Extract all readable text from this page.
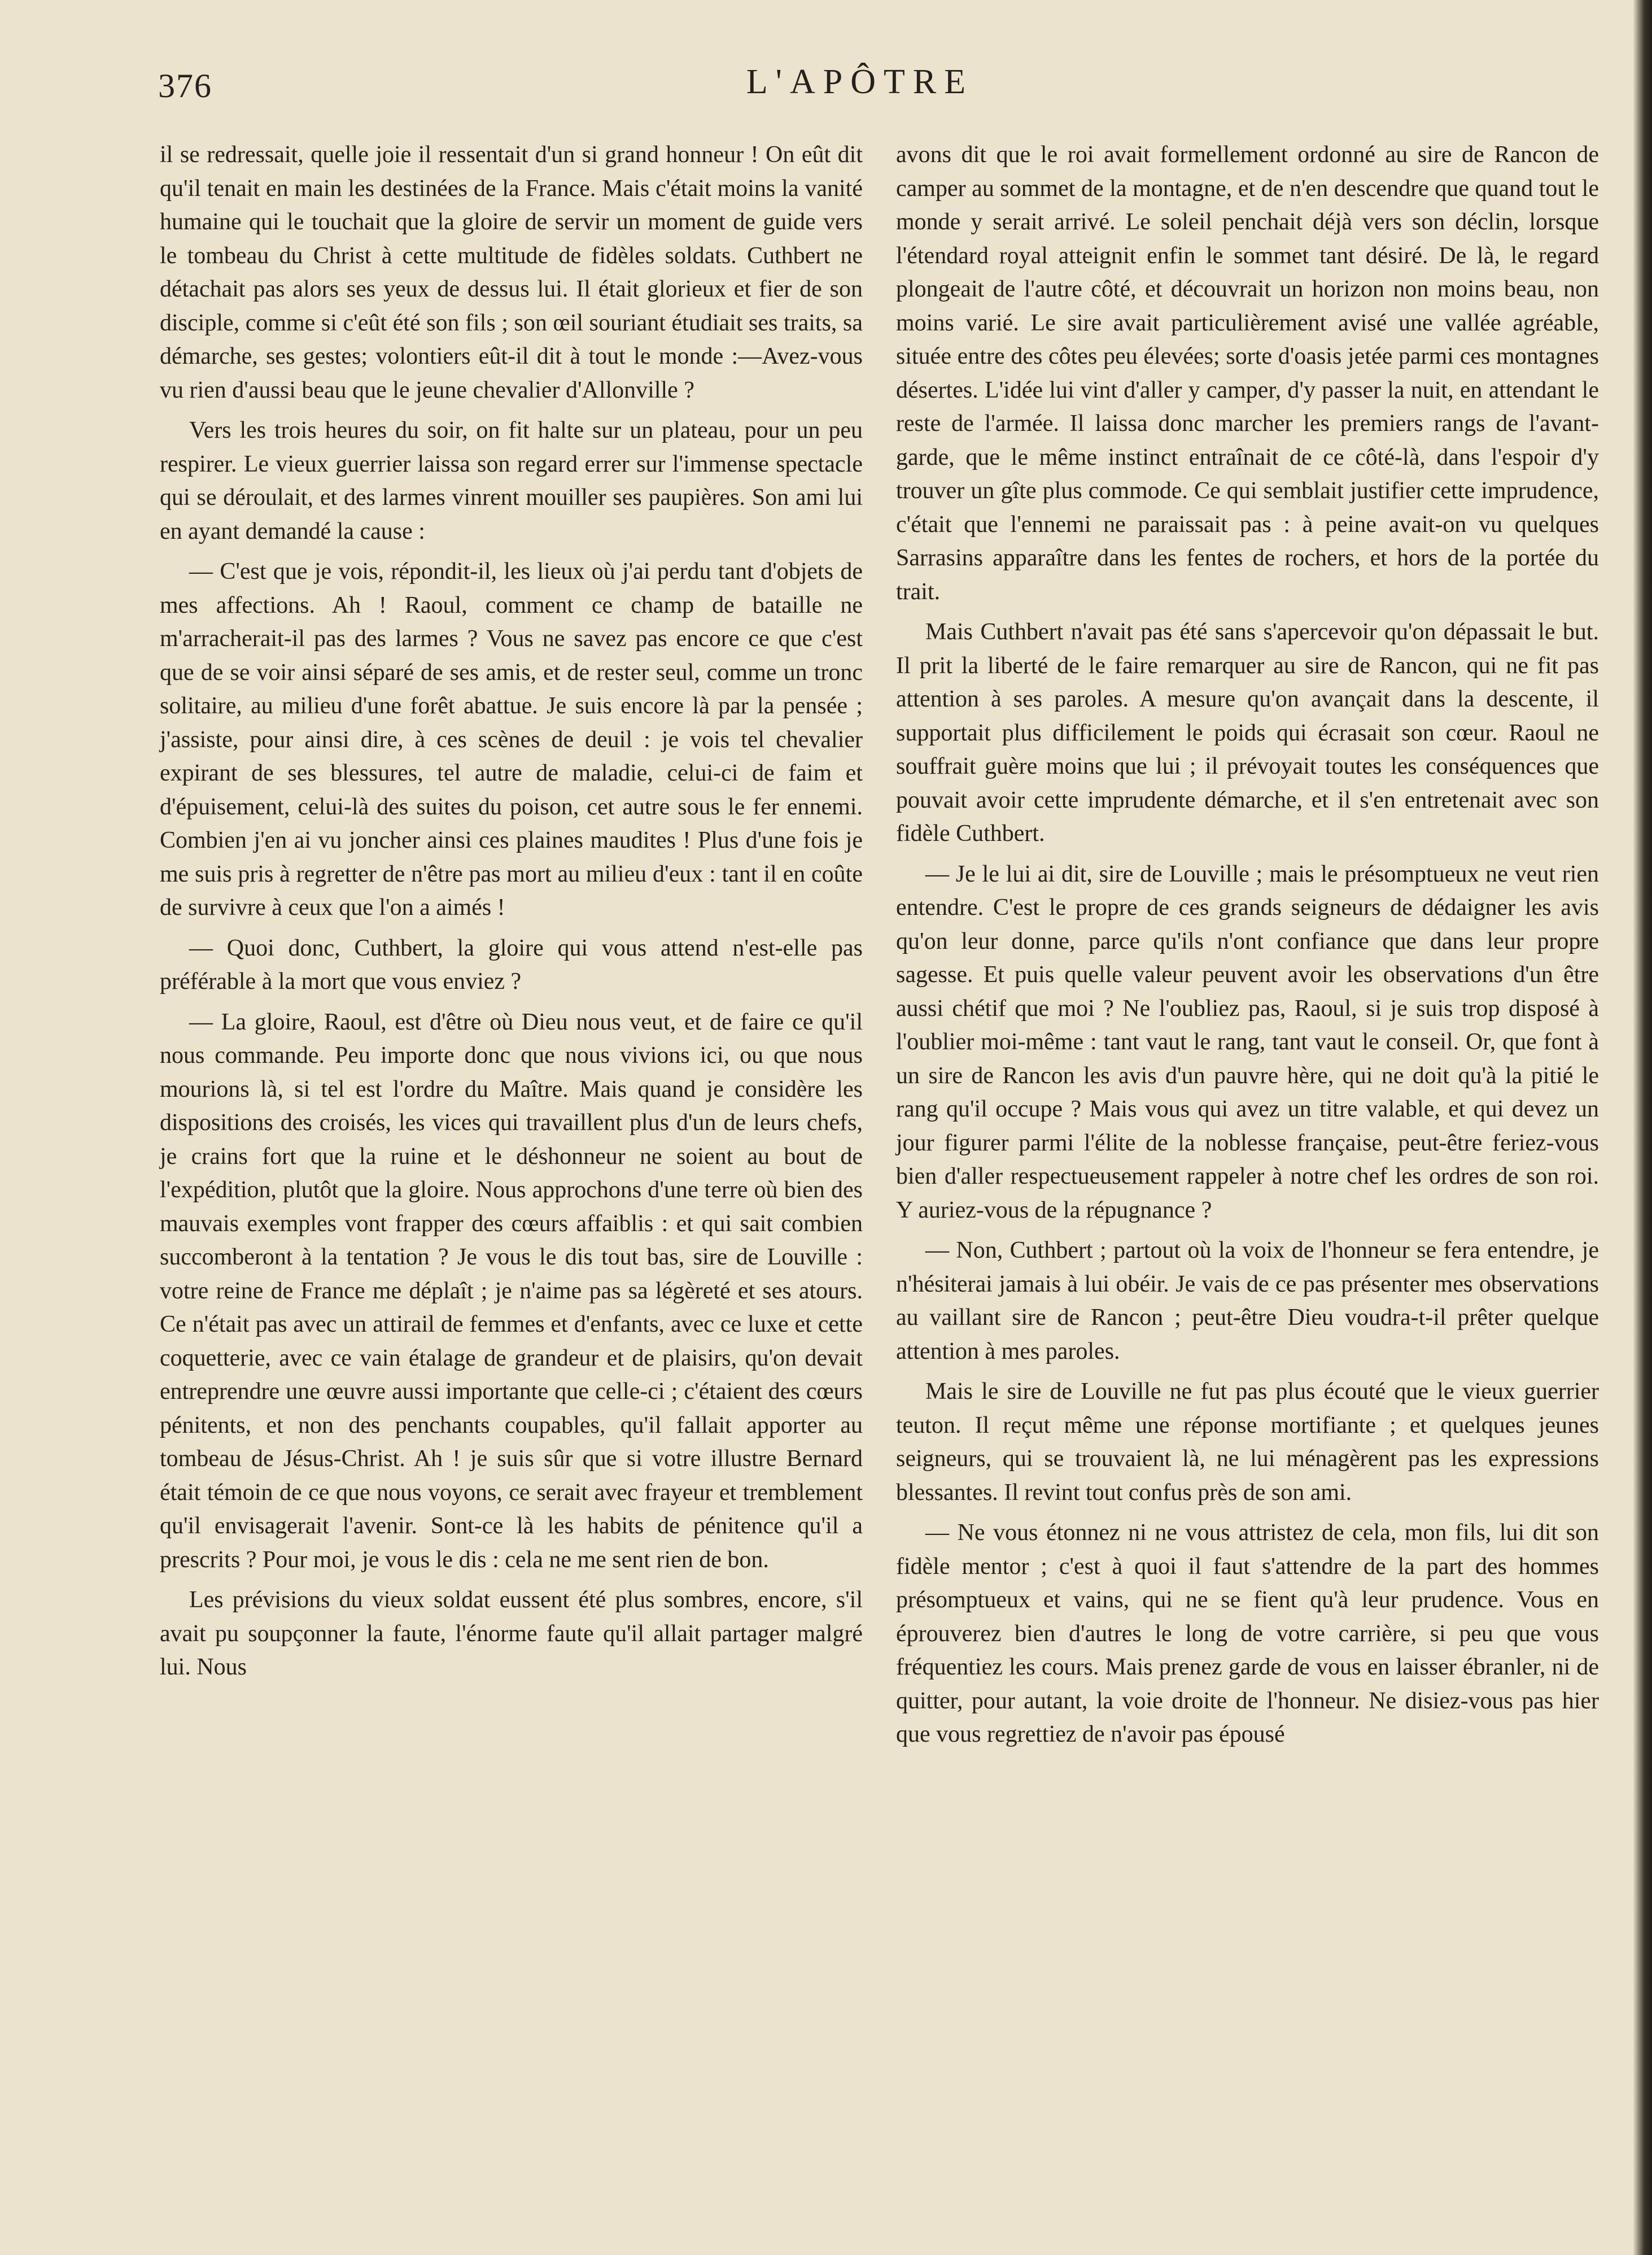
376	L'APÔTRE

il se redressait, quelle joie il ressentait d'un si grand honneur ! On eût dit qu'il tenait en main les destinées de la France. Mais c'était moins la vanité humaine qui le touchait que la gloire de servir un moment de guide vers le tombeau du Christ à cette multitude de fidèles soldats. Cuthbert ne détachait pas alors ses yeux de dessus lui. Il était glorieux et fier de son disciple, comme si c'eût été son fils ; son œil souriant étudiait ses traits, sa démarche, ses gestes; volontiers eût-il dit à tout le monde :—Avez-vous vu rien d'aussi beau que le jeune chevalier d'Allonville ?

Vers les trois heures du soir, on fit halte sur un plateau, pour un peu respirer. Le vieux guerrier laissa son regard errer sur l'immense spectacle qui se déroulait, et des larmes vinrent mouiller ses paupières. Son ami lui en ayant demandé la cause :

— C'est que je vois, répondit-il, les lieux où j'ai perdu tant d'objets de mes affections. Ah ! Raoul, comment ce champ de bataille ne m'arracherait-il pas des larmes ? Vous ne savez pas encore ce que c'est que de se voir ainsi séparé de ses amis, et de rester seul, comme un tronc solitaire, au milieu d'une forêt abattue. Je suis encore là par la pensée ; j'assiste, pour ainsi dire, à ces scènes de deuil : je vois tel chevalier expirant de ses blessures, tel autre de maladie, celui-ci de faim et d'épuisement, celui-là des suites du poison, cet autre sous le fer ennemi. Combien j'en ai vu joncher ainsi ces plaines maudites ! Plus d'une fois je me suis pris à regretter de n'être pas mort au milieu d'eux : tant il en coûte de survivre à ceux que l'on a aimés !

— Quoi donc, Cuthbert, la gloire qui vous attend n'est-elle pas préférable à la mort que vous enviez ?

— La gloire, Raoul, est d'être où Dieu nous veut, et de faire ce qu'il nous commande. Peu importe donc que nous vivions ici, ou que nous mourions là, si tel est l'ordre du Maître. Mais quand je considère les dispositions des croisés, les vices qui travaillent plus d'un de leurs chefs, je crains fort que la ruine et le déshonneur ne soient au bout de l'expédition, plutôt que la gloire. Nous approchons d'une terre où bien des mauvais exemples vont frapper des cœurs affaiblis : et qui sait combien succomberont à la tentation ? Je vous le dis tout bas, sire de Louville : votre reine de France me déplaît ; je n'aime pas sa légèreté et ses atours. Ce n'était pas avec un attirail de femmes et d'enfants, avec ce luxe et cette coquetterie, avec ce vain étalage de grandeur et de plaisirs, qu'on devait entreprendre une œuvre aussi importante que celle-ci ; c'étaient des cœurs pénitents, et non des penchants coupables, qu'il fallait apporter au tombeau de Jésus-Christ. Ah ! je suis sûr que si votre illustre Bernard était témoin de ce que nous voyons, ce serait avec frayeur et tremblement qu'il envisagerait l'avenir. Sont-ce là les habits de pénitence qu'il a prescrits ? Pour moi, je vous le dis : cela ne me sent rien de bon.

Les prévisions du vieux soldat eussent été plus sombres, encore, s'il avait pu soupçonner la faute, l'énorme faute qu'il allait partager malgré lui. Nous

avons dit que le roi avait formellement ordonné au sire de Rancon de camper au sommet de la montagne, et de n'en descendre que quand tout le monde y serait arrivé. Le soleil penchait déjà vers son déclin, lorsque l'étendard royal atteignit enfin le sommet tant désiré. De là, le regard plongeait de l'autre côté, et découvrait un horizon non moins beau, non moins varié. Le sire avait particulièrement avisé une vallée agréable, située entre des côtes peu élevées; sorte d'oasis jetée parmi ces montagnes désertes. L'idée lui vint d'aller y camper, d'y passer la nuit, en attendant le reste de l'armée. Il laissa donc marcher les premiers rangs de l'avant-garde, que le même instinct entraînait de ce côté-là, dans l'espoir d'y trouver un gîte plus commode. Ce qui semblait justifier cette imprudence, c'était que l'ennemi ne paraissait pas : à peine avait-on vu quelques Sarrasins apparaître dans les fentes de rochers, et hors de la portée du trait.

Mais Cuthbert n'avait pas été sans s'apercevoir qu'on dépassait le but. Il prit la liberté de le faire remarquer au sire de Rancon, qui ne fit pas attention à ses paroles. A mesure qu'on avançait dans la descente, il supportait plus difficilement le poids qui écrasait son cœur. Raoul ne souffrait guère moins que lui ; il prévoyait toutes les conséquences que pouvait avoir cette imprudente démarche, et il s'en entretenait avec son fidèle Cuthbert.

— Je le lui ai dit, sire de Louville ; mais le présomptueux ne veut rien entendre. C'est le propre de ces grands seigneurs de dédaigner les avis qu'on leur donne, parce qu'ils n'ont confiance que dans leur propre sagesse. Et puis quelle valeur peuvent avoir les observations d'un être aussi chétif que moi ? Ne l'oubliez pas, Raoul, si je suis trop disposé à l'oublier moi-même : tant vaut le rang, tant vaut le conseil. Or, que font à un sire de Rancon les avis d'un pauvre hère, qui ne doit qu'à la pitié le rang qu'il occupe ? Mais vous qui avez un titre valable, et qui devez un jour figurer parmi l'élite de la noblesse française, peut-être feriez-vous bien d'aller respectueusement rappeler à notre chef les ordres de son roi. Y auriez-vous de la répugnance ?

— Non, Cuthbert ; partout où la voix de l'honneur se fera entendre, je n'hésiterai jamais à lui obéir. Je vais de ce pas présenter mes observations au vaillant sire de Rancon ; peut-être Dieu voudra-t-il prêter quelque attention à mes paroles.

Mais le sire de Louville ne fut pas plus écouté que le vieux guerrier teuton. Il reçut même une réponse mortifiante ; et quelques jeunes seigneurs, qui se trouvaient là, ne lui ménagèrent pas les expressions blessantes. Il revint tout confus près de son ami.

— Ne vous étonnez ni ne vous attristez de cela, mon fils, lui dit son fidèle mentor ; c'est à quoi il faut s'attendre de la part des hommes présomptueux et vains, qui ne se fient qu'à leur prudence. Vous en éprouverez bien d'autres le long de votre carrière, si peu que vous fréquentiez les cours. Mais prenez garde de vous en laisser ébranler, ni de quitter, pour autant, la voie droite de l'honneur. Ne disiez-vous pas hier que vous regrettiez de n'avoir pas épousé
